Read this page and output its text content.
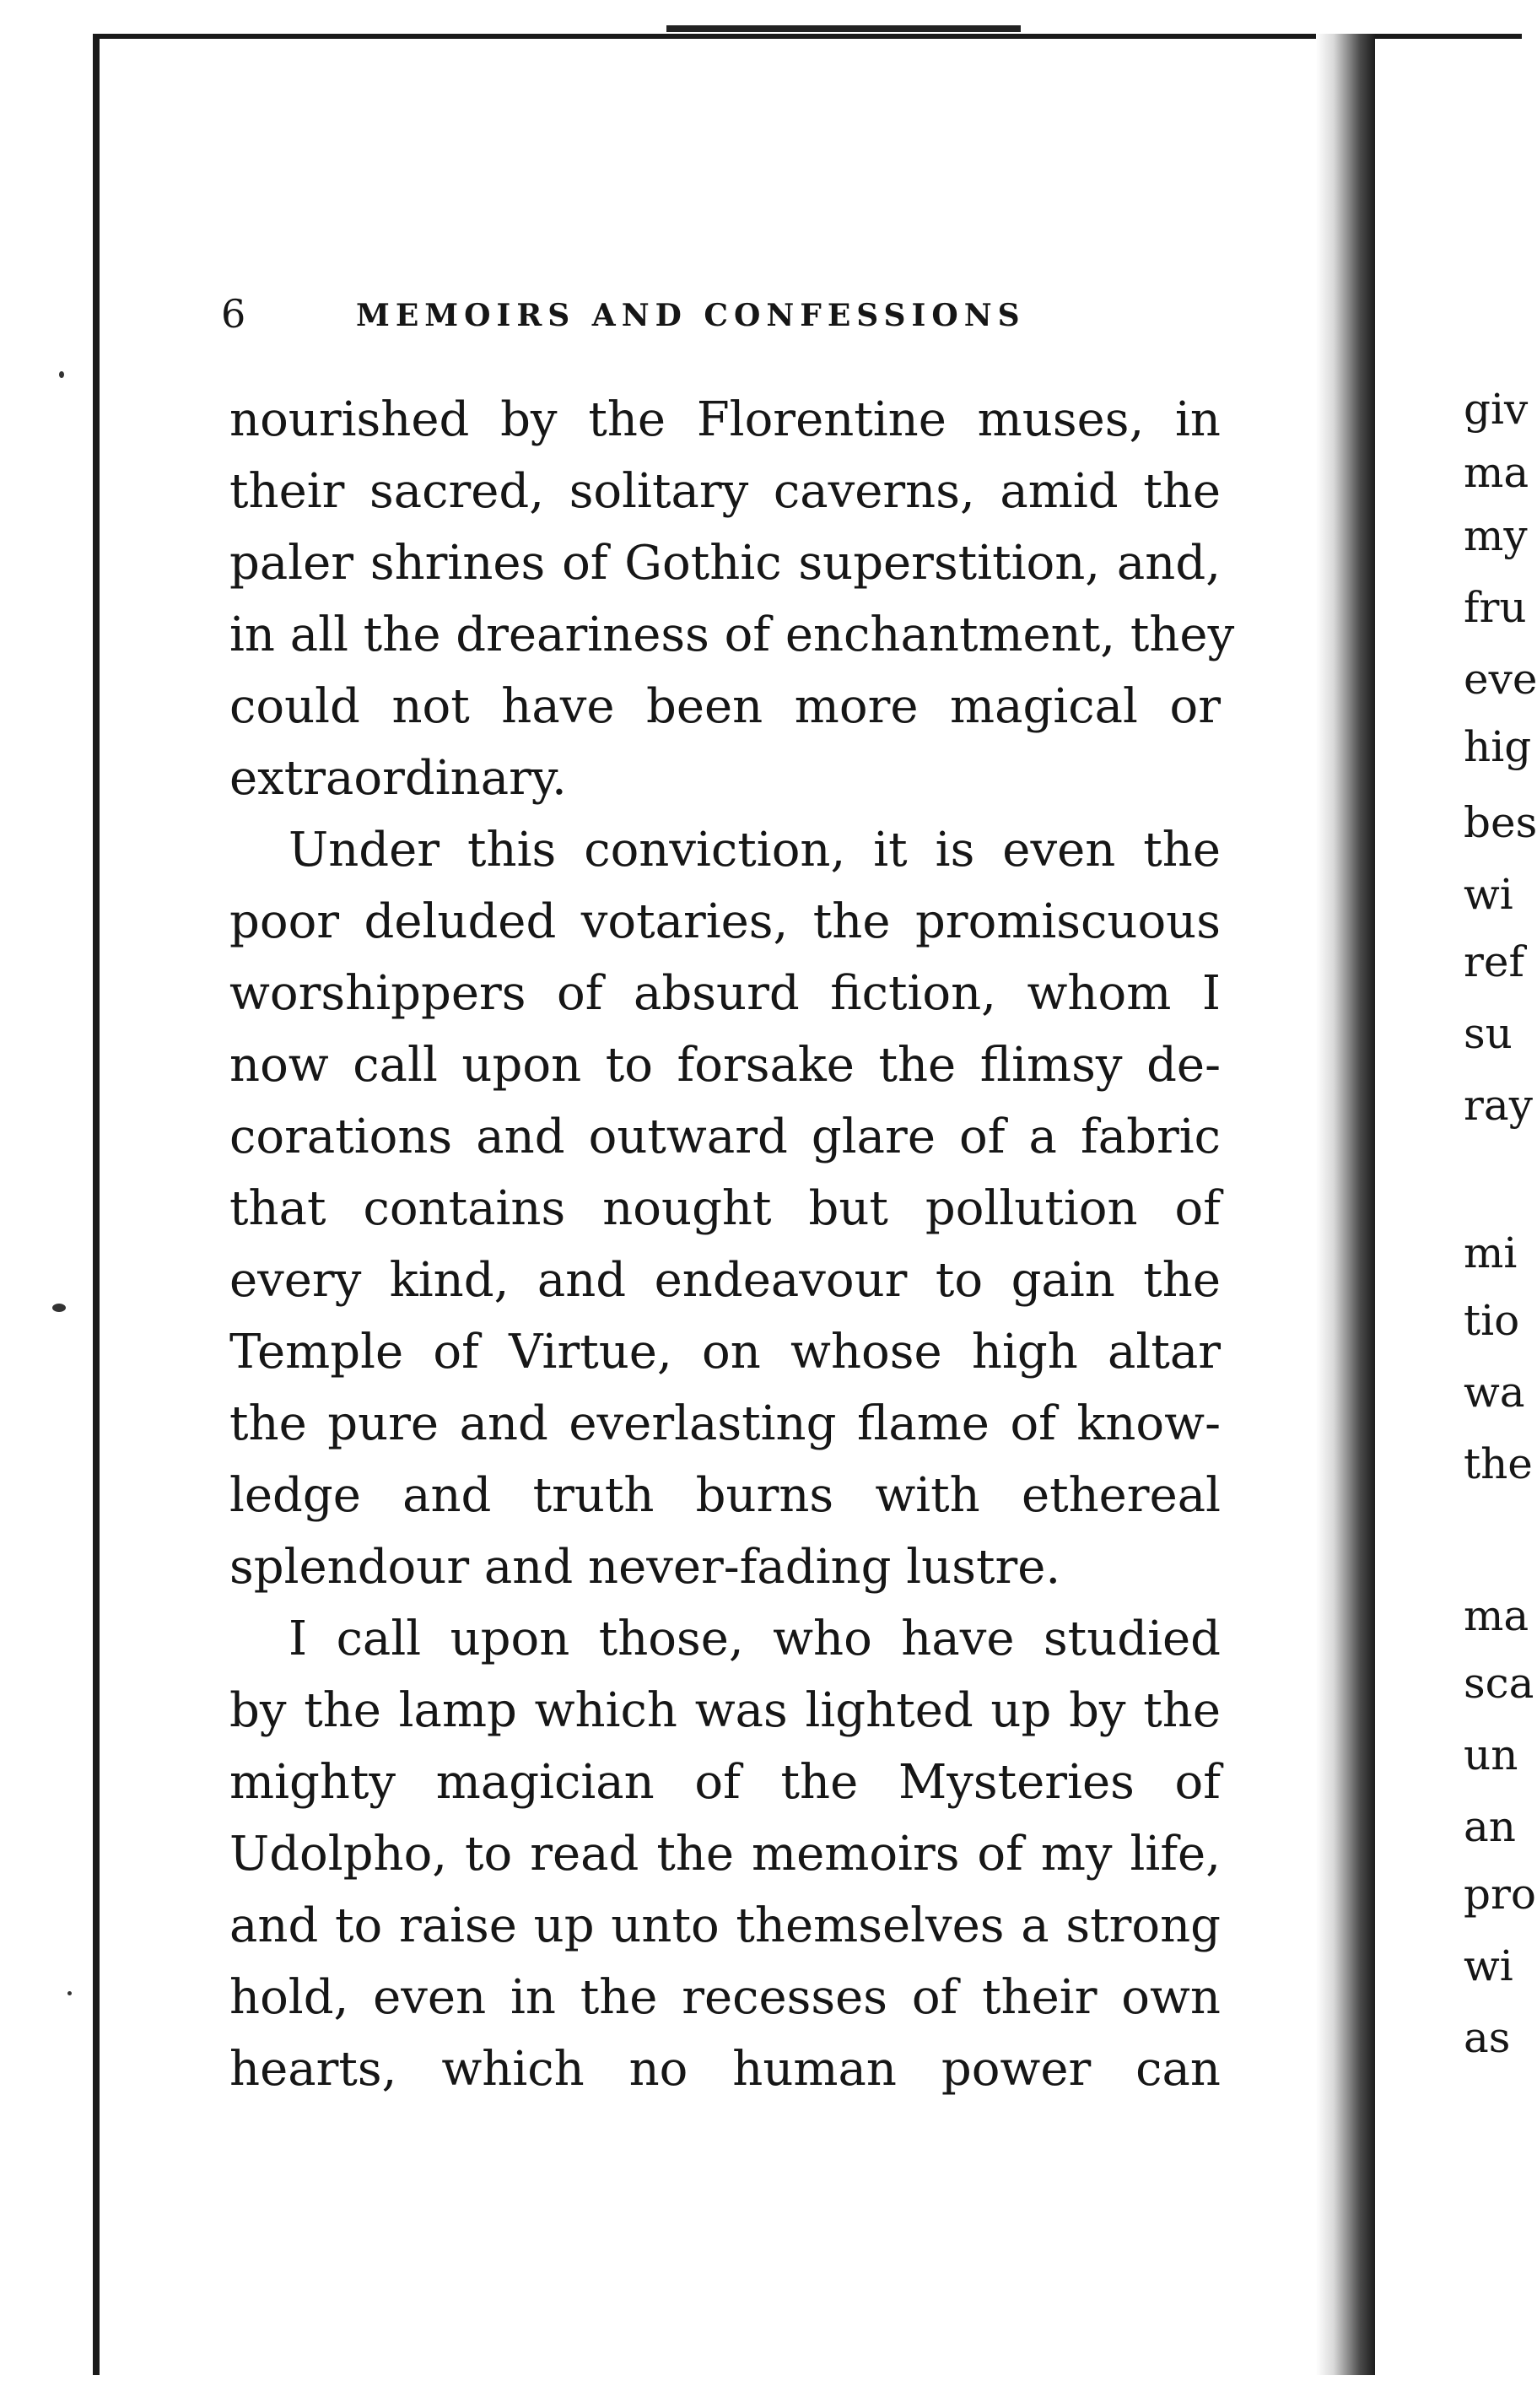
6	MEMOIRS AND CONFESSIONS
nourished by the Florentine muses, in
their sacred, solitary caverns, amid the
paler shrines of Gothic superstition, and,
in all the dreariness of enchantment, they
could not have been more magical or
extraordinary.
Under this conviction, it is even the
poor deluded votaries, the promiscuous
worshippers of absurd fiction, whom I
now call upon to forsake the flimsy de-
corations and outward glare of a fabric
that contains nought but pollution of
every kind, and endeavour to gain the
Temple of Virtue, on whose high altar
the pure and everlasting flame of know-
ledge and truth burns with ethereal
splendour and never-fading lustre.
I call upon those, who have studied
by the lamp which was lighted up by the
mighty magician of the Mysteries of
Udolpho, to read the memoirs of my life,
and to raise up unto themselves a strong
hold, even in the recesses of their own
hearts, which no human power can
giv
ma
my
fru
eve
hig
bes
wi
ref
su
ray
mi
tio
wa
the
ma
sca
un
an
pro
wi
as
